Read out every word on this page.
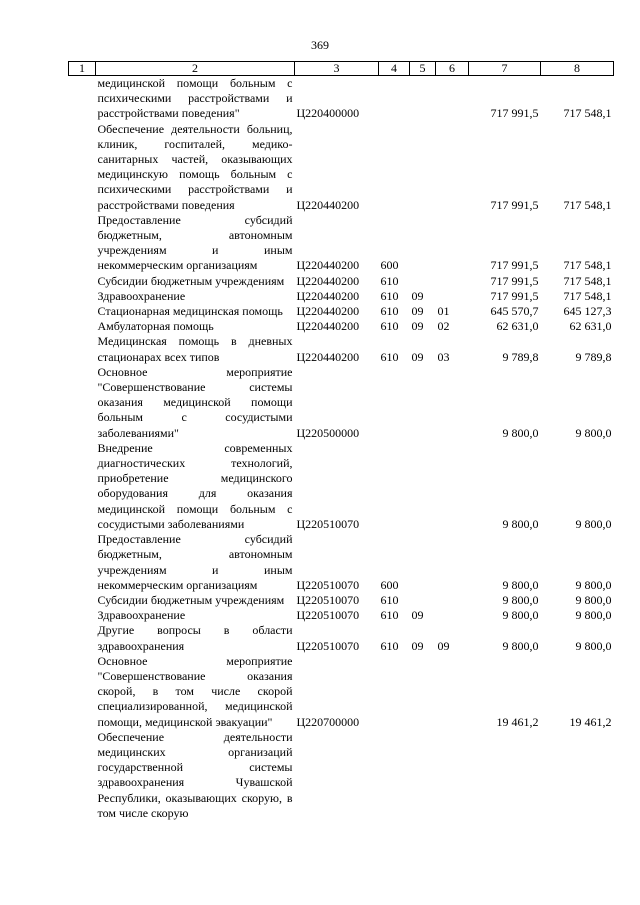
369
1	2	3	4	5	6	7	8
	медицинской помощи больным с психическими расстройствами и расстройствами поведения"	Ц220400000				717 991,5	717 548,1
	Обеспечение деятельности больниц, клиник, госпиталей, медико-санитарных частей, оказывающих медицинскую помощь больным с психическими расстройствами и расстройствами поведения	Ц220440200				717 991,5	717 548,1
	Предоставление субсидий бюджетным, автономным учреждениям и иным некоммерческим организациям	Ц220440200	600			717 991,5	717 548,1
	Субсидии бюджетным учреждениям	Ц220440200	610			717 991,5	717 548,1
	Здравоохранение	Ц220440200	610	09		717 991,5	717 548,1
	Стационарная медицинская помощь	Ц220440200	610	09	01	645 570,7	645 127,3
	Амбулаторная помощь	Ц220440200	610	09	02	62 631,0	62 631,0
	Медицинская помощь в дневных стационарах всех типов	Ц220440200	610	09	03	9 789,8	9 789,8
	Основное мероприятие "Совершенствование системы оказания медицинской помощи больным с сосудистыми заболеваниями"	Ц220500000				9 800,0	9 800,0
	Внедрение современных диагностических технологий, приобретение медицинского оборудования для оказания медицинской помощи больным с сосудистыми заболеваниями	Ц220510070				9 800,0	9 800,0
	Предоставление субсидий бюджетным, автономным учреждениям и иным некоммерческим организациям	Ц220510070	600			9 800,0	9 800,0
	Субсидии бюджетным учреждениям	Ц220510070	610			9 800,0	9 800,0
	Здравоохранение	Ц220510070	610	09		9 800,0	9 800,0
	Другие вопросы в области здравоохранения	Ц220510070	610	09	09	9 800,0	9 800,0
	Основное мероприятие "Совершенствование оказания скорой, в том числе скорой специализированной, медицинской помощи, медицинской эвакуации"	Ц220700000				19 461,2	19 461,2
	Обеспечение деятельности медицинских организаций государственной системы здравоохранения Чувашской Республики, оказывающих скорую, в том числе скорую						
